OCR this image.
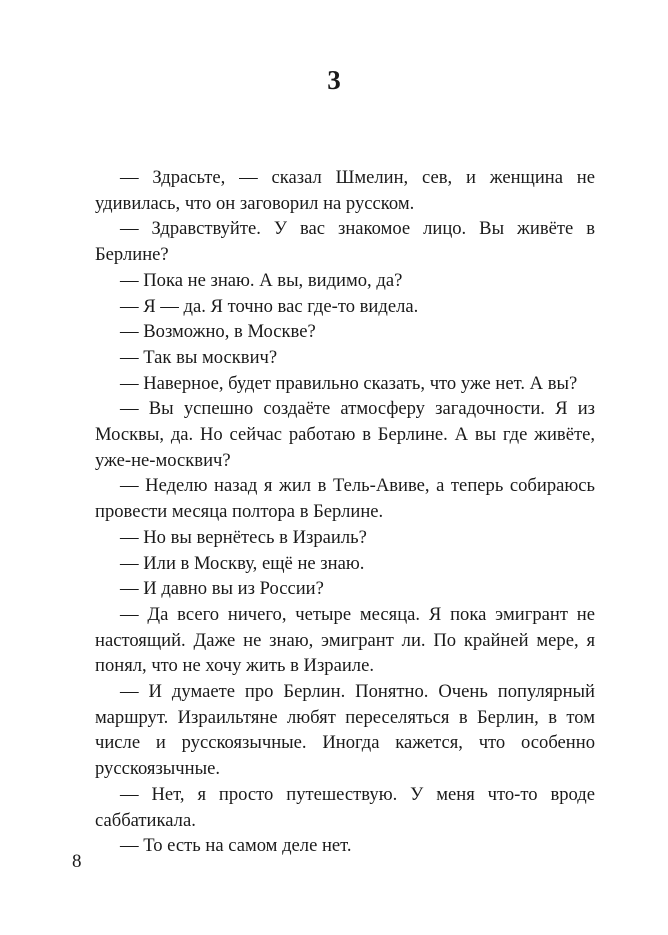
3

— Здрасьте, — сказал Шмелин, сев, и женщина не удивилась, что он заговорил на русском.

— Здравствуйте. У вас знакомое лицо. Вы живёте в Берлине?

— Пока не знаю. А вы, видимо, да?

— Я — да. Я точно вас где-то видела.

— Возможно, в Москве?

— Так вы москвич?

— Наверное, будет правильно сказать, что уже нет. А вы?

— Вы успешно создаёте атмосферу загадочности. Я из Москвы, да. Но сейчас работаю в Берлине. А вы где живёте, уже-не-москвич?

— Неделю назад я жил в Тель-Авиве, а теперь собираюсь провести месяца полтора в Берлине.

— Но вы вернётесь в Израиль?

— Или в Москву, ещё не знаю.

— И давно вы из России?

— Да всего ничего, четыре месяца. Я пока эмигрант не настоящий. Даже не знаю, эмигрант ли. По крайней мере, я понял, что не хочу жить в Израиле.

— И думаете про Берлин. Понятно. Очень популярный маршрут. Израильтяне любят переселяться в Берлин, в том числе и русскоязычные. Иногда кажется, что особенно русскоязычные.

— Нет, я просто путешествую. У меня что-то вроде саббатикала.

— То есть на самом деле нет.

8
